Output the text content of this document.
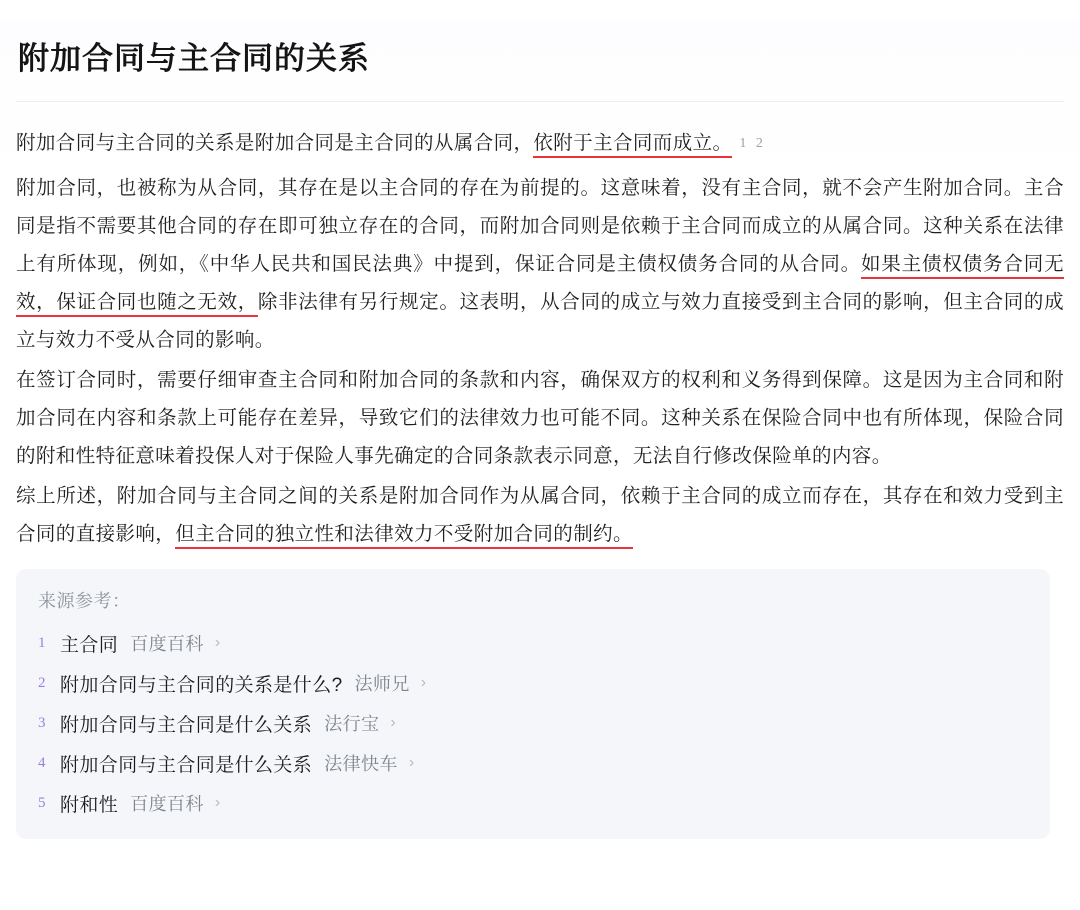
附加合同与主合同的关系

附加合同与主合同的关系是附加合同是主合同的从属合同，依附于主合同而成立。 1 2

附加合同，也被称为从合同，其存在是以主合同的存在为前提的。这意味着，没有主合同，就不会产生附加合同。主合同是指不需要其他合同的存在即可独立存在的合同，而附加合同则是依赖于主合同而成立的从属合同。这种关系在法律上有所体现，例如，《中华人民共和国民法典》中提到，保证合同是主债权债务合同的从合同。如果主债权债务合同无效，保证合同也随之无效，除非法律有另行规定。这表明，从合同的成立与效力直接受到主合同的影响，但主合同的成立与效力不受从合同的影响。

在签订合同时，需要仔细审查主合同和附加合同的条款和内容，确保双方的权利和义务得到保障。这是因为主合同和附加合同在内容和条款上可能存在差异，导致它们的法律效力也可能不同。这种关系在保险合同中也有所体现，保险合同的附和性特征意味着投保人对于保险人事先确定的合同条款表示同意，无法自行修改保险单的内容。

综上所述，附加合同与主合同之间的关系是附加合同作为从属合同，依赖于主合同的成立而存在，其存在和效力受到主合同的直接影响，但主合同的独立性和法律效力不受附加合同的制约。

来源参考：
1 主合同 百度百科 ›
2 附加合同与主合同的关系是什么? 法师兄 ›
3 附加合同与主合同是什么关系 法行宝 ›
4 附加合同与主合同是什么关系 法律快车 ›
5 附和性 百度百科 ›
